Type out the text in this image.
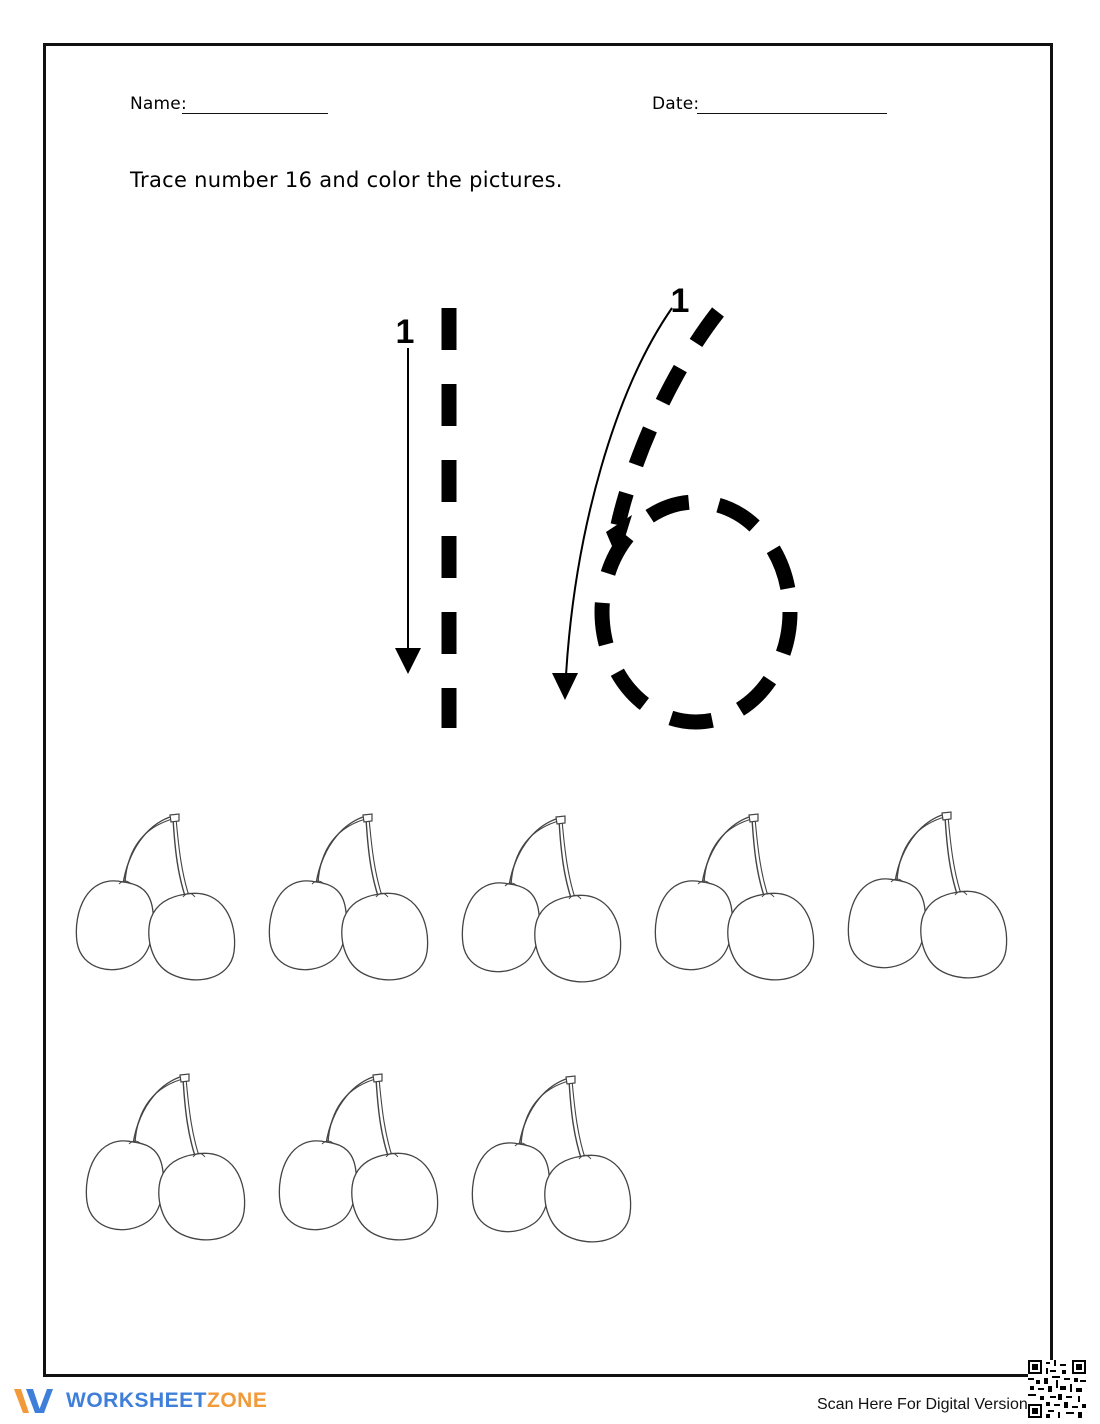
Name:	Date:
Trace number 16 and color the pictures.
1
1
WORKSHEETZONE	Scan Here For Digital Version
